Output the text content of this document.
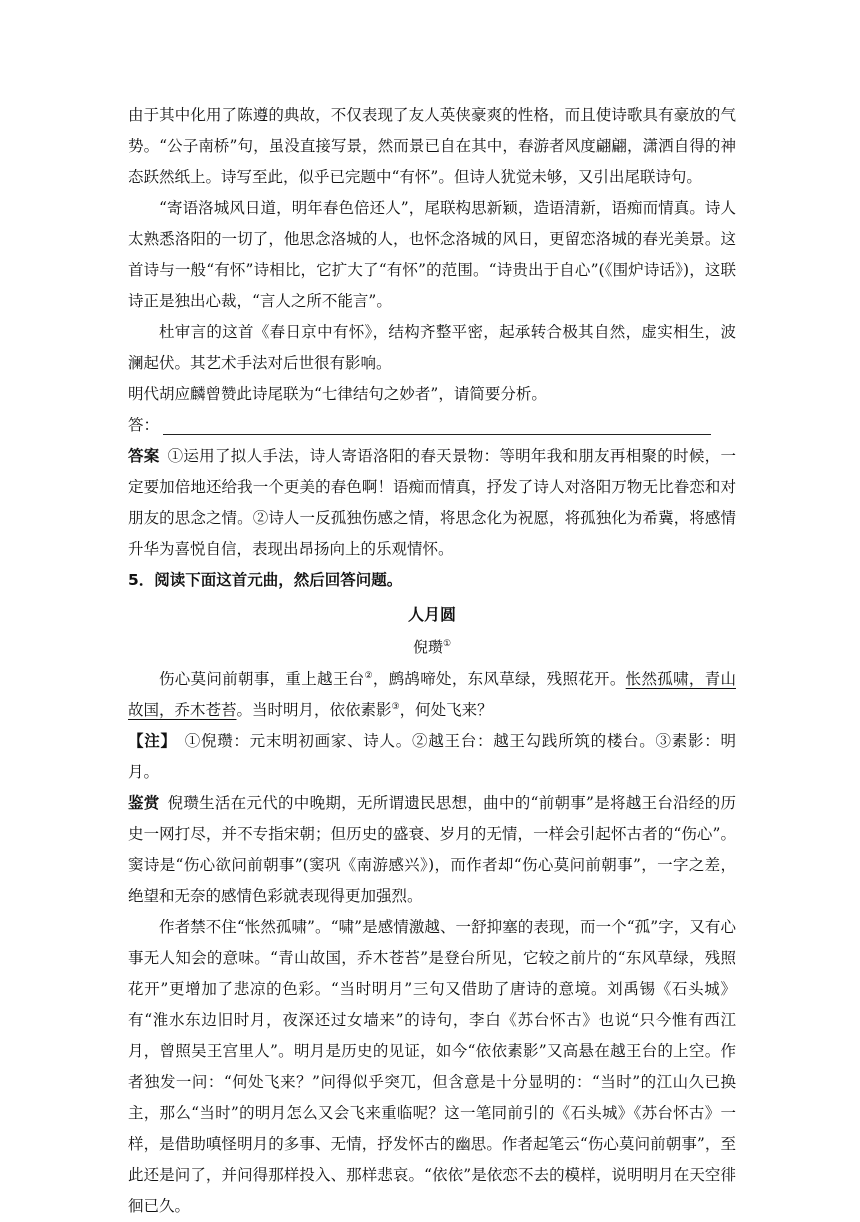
由于其中化用了陈遵的典故，不仅表现了友人英侠豪爽的性格，而且使诗歌具有豪放的气势。“公子南桥”句，虽没直接写景，然而景已自在其中，春游者风度翩翩，潇洒自得的神态跃然纸上。诗写至此，似乎已完题中“有怀”。但诗人犹觉未够，又引出尾联诗句。

“寄语洛城风日道，明年春色倍还人”，尾联构思新颖，造语清新，语痴而情真。诗人太熟悉洛阳的一切了，他思念洛城的人，也怀念洛城的风日，更留恋洛城的春光美景。这首诗与一般“有怀”诗相比，它扩大了“有怀”的范围。“诗贵出于自心”(《围炉诗话》)，这联诗正是独出心裁，“言人之所不能言”。

杜审言的这首《春日京中有怀》，结构齐整平密，起承转合极其自然，虚实相生，波澜起伏。其艺术手法对后世很有影响。

明代胡应麟曾赞此诗尾联为“七律结句之妙者”，请简要分析。

答：

答案 ①运用了拟人手法，诗人寄语洛阳的春天景物：等明年我和朋友再相聚的时候，一定要加倍地还给我一个更美的春色啊！语痴而情真，抒发了诗人对洛阳万物无比眷恋和对朋友的思念之情。②诗人一反孤独伤感之情，将思念化为祝愿，将孤独化为希冀，将感情升华为喜悦自信，表现出昂扬向上的乐观情怀。

5．阅读下面这首元曲，然后回答问题。

人月圆
倪瓒①

伤心莫问前朝事，重上越王台②，鹧鸪啼处，东风草绿，残照花开。怅然孤啸，青山故国，乔木苍苔。当时明月，依依素影③，何处飞来？

【注】 ①倪瓒：元末明初画家、诗人。②越王台：越王勾践所筑的楼台。③素影：明月。

鉴赏 倪瓒生活在元代的中晚期，无所谓遗民思想，曲中的“前朝事”是将越王台沿经的历史一网打尽，并不专指宋朝；但历史的盛衰、岁月的无情，一样会引起怀古者的“伤心”。窦诗是“伤心欲问前朝事”(窦巩《南游感兴》)，而作者却“伤心莫问前朝事”，一字之差，绝望和无奈的感情色彩就表现得更加强烈。

作者禁不住“怅然孤啸”。“啸”是感情激越、一舒抑塞的表现，而一个“孤”字，又有心事无人知会的意味。“青山故国，乔木苍苔”是登台所见，它较之前片的“东风草绿，残照花开”更增加了悲凉的色彩。“当时明月”三句又借助了唐诗的意境。刘禹锡《石头城》有“淮水东边旧时月，夜深还过女墙来”的诗句，李白《苏台怀古》也说“只今惟有西江月，曾照吴王宫里人”。明月是历史的见证，如今“依依素影”又高悬在越王台的上空。作者独发一问：“何处飞来？”问得似乎突兀，但含意是十分显明的：“当时”的江山久已换主，那么“当时”的明月怎么又会飞来重临呢？这一笔同前引的《石头城》《苏台怀古》一样，是借助嗔怪明月的多事、无情，抒发怀古的幽思。作者起笔云“伤心莫问前朝事”，至此还是问了，并问得那样投入、那样悲哀。“依依”是依恋不去的模样，说明明月在天空徘徊已久。
